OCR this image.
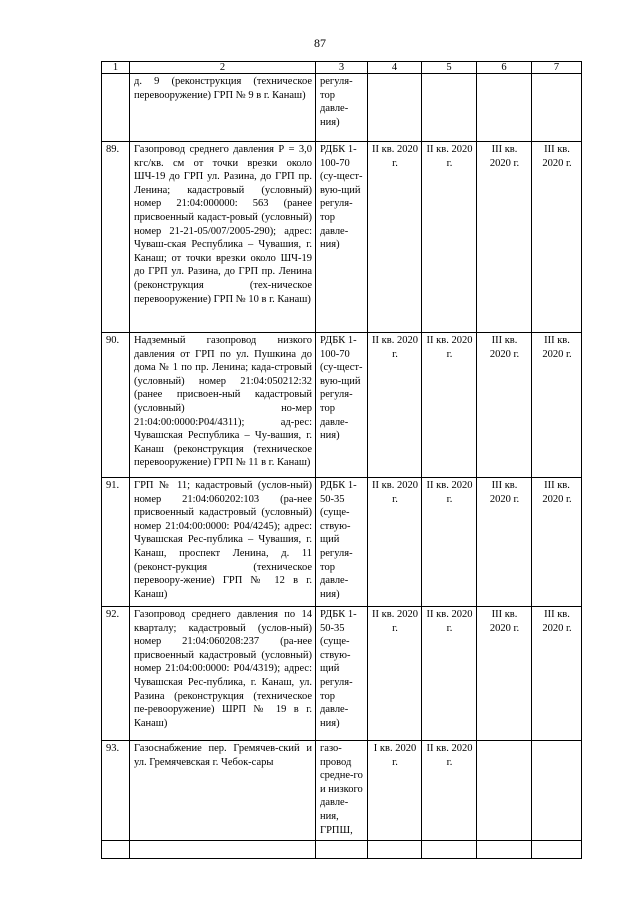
87
1	2	3	4	5	6	7
	д. 9 (реконструкция (техническое перевооружение) ГРП № 9 в г. Канаш)	регуля-тор давле-ния)				
89.	Газопровод среднего давления Р = 3,0 кгс/кв. см от точки врезки около ШЧ-19 до ГРП ул. Разина, до ГРП пр. Ленина; кадастровый (условный) номер 21:04:000000: 563 (ранее присвоенный кадаст-ровый (условный) номер 21-21-05/007/2005-290); адрес: Чуваш-ская Республика – Чувашия, г. Канаш; от точки врезки около ШЧ-19 до ГРП ул. Разина, до ГРП пр. Ленина (реконструкция (тех-ническое перевооружение) ГРП № 10 в г. Канаш)	РДБК 1-100-70 (су-щест-вую-щий регуля-тор давле-ния)	II кв. 2020 г.	II кв. 2020 г.	III кв. 2020 г.	III кв. 2020 г.
90.	Надземный газопровод низкого давления от ГРП по ул. Пушкина до дома № 1 по пр. Ленина; када-стровый (условный) номер 21:04:050212:32 (ранее присвоен-ный кадастровый (условный) но-мер 21:04:00:0000:Р04/4311); ад-рес: Чувашская Республика – Чу-вашия, г. Канаш (реконструкция (техническое перевооружение) ГРП № 11 в г. Канаш)	РДБК 1-100-70 (су-щест-вую-щий регуля-тор давле-ния)	II кв. 2020 г.	II кв. 2020 г.	III кв. 2020 г.	III кв. 2020 г.
91.	ГРП № 11; кадастровый (услов-ный) номер 21:04:060202:103 (ра-нее присвоенный кадастровый (условный) номер 21:04:00:0000: Р04/4245); адрес: Чувашская Рес-публика – Чувашия, г. Канаш, проспект Ленина, д. 11 (реконст-рукция (техническое перевоору-жение) ГРП № 12 в г. Канаш)	РДБК 1-50-35 (суще-ствую-щий регуля-тор давле-ния)	II кв. 2020 г.	II кв. 2020 г.	III кв. 2020 г.	III кв. 2020 г.
92.	Газопровод среднего давления по 14 кварталу; кадастровый (услов-ный) номер 21:04:060208:237 (ра-нее присвоенный кадастровый (условный) номер 21:04:00:0000: Р04/4319); адрес: Чувашская Рес-публика, г. Канаш, ул. Разина (реконструкция (техническое пе-ревооружение) ШРП № 19 в г. Канаш)	РДБК 1-50-35 (суще-ствую-щий регуля-тор давле-ния)	II кв. 2020 г.	II кв. 2020 г.	III кв. 2020 г.	III кв. 2020 г.
93.	Газоснабжение пер. Гремячев-ский и ул. Гремячевская г. Чебок-сары	газо-провод средне-го и низкого давле-ния, ГРПШ,	I кв. 2020 г.	II кв. 2020 г.		
